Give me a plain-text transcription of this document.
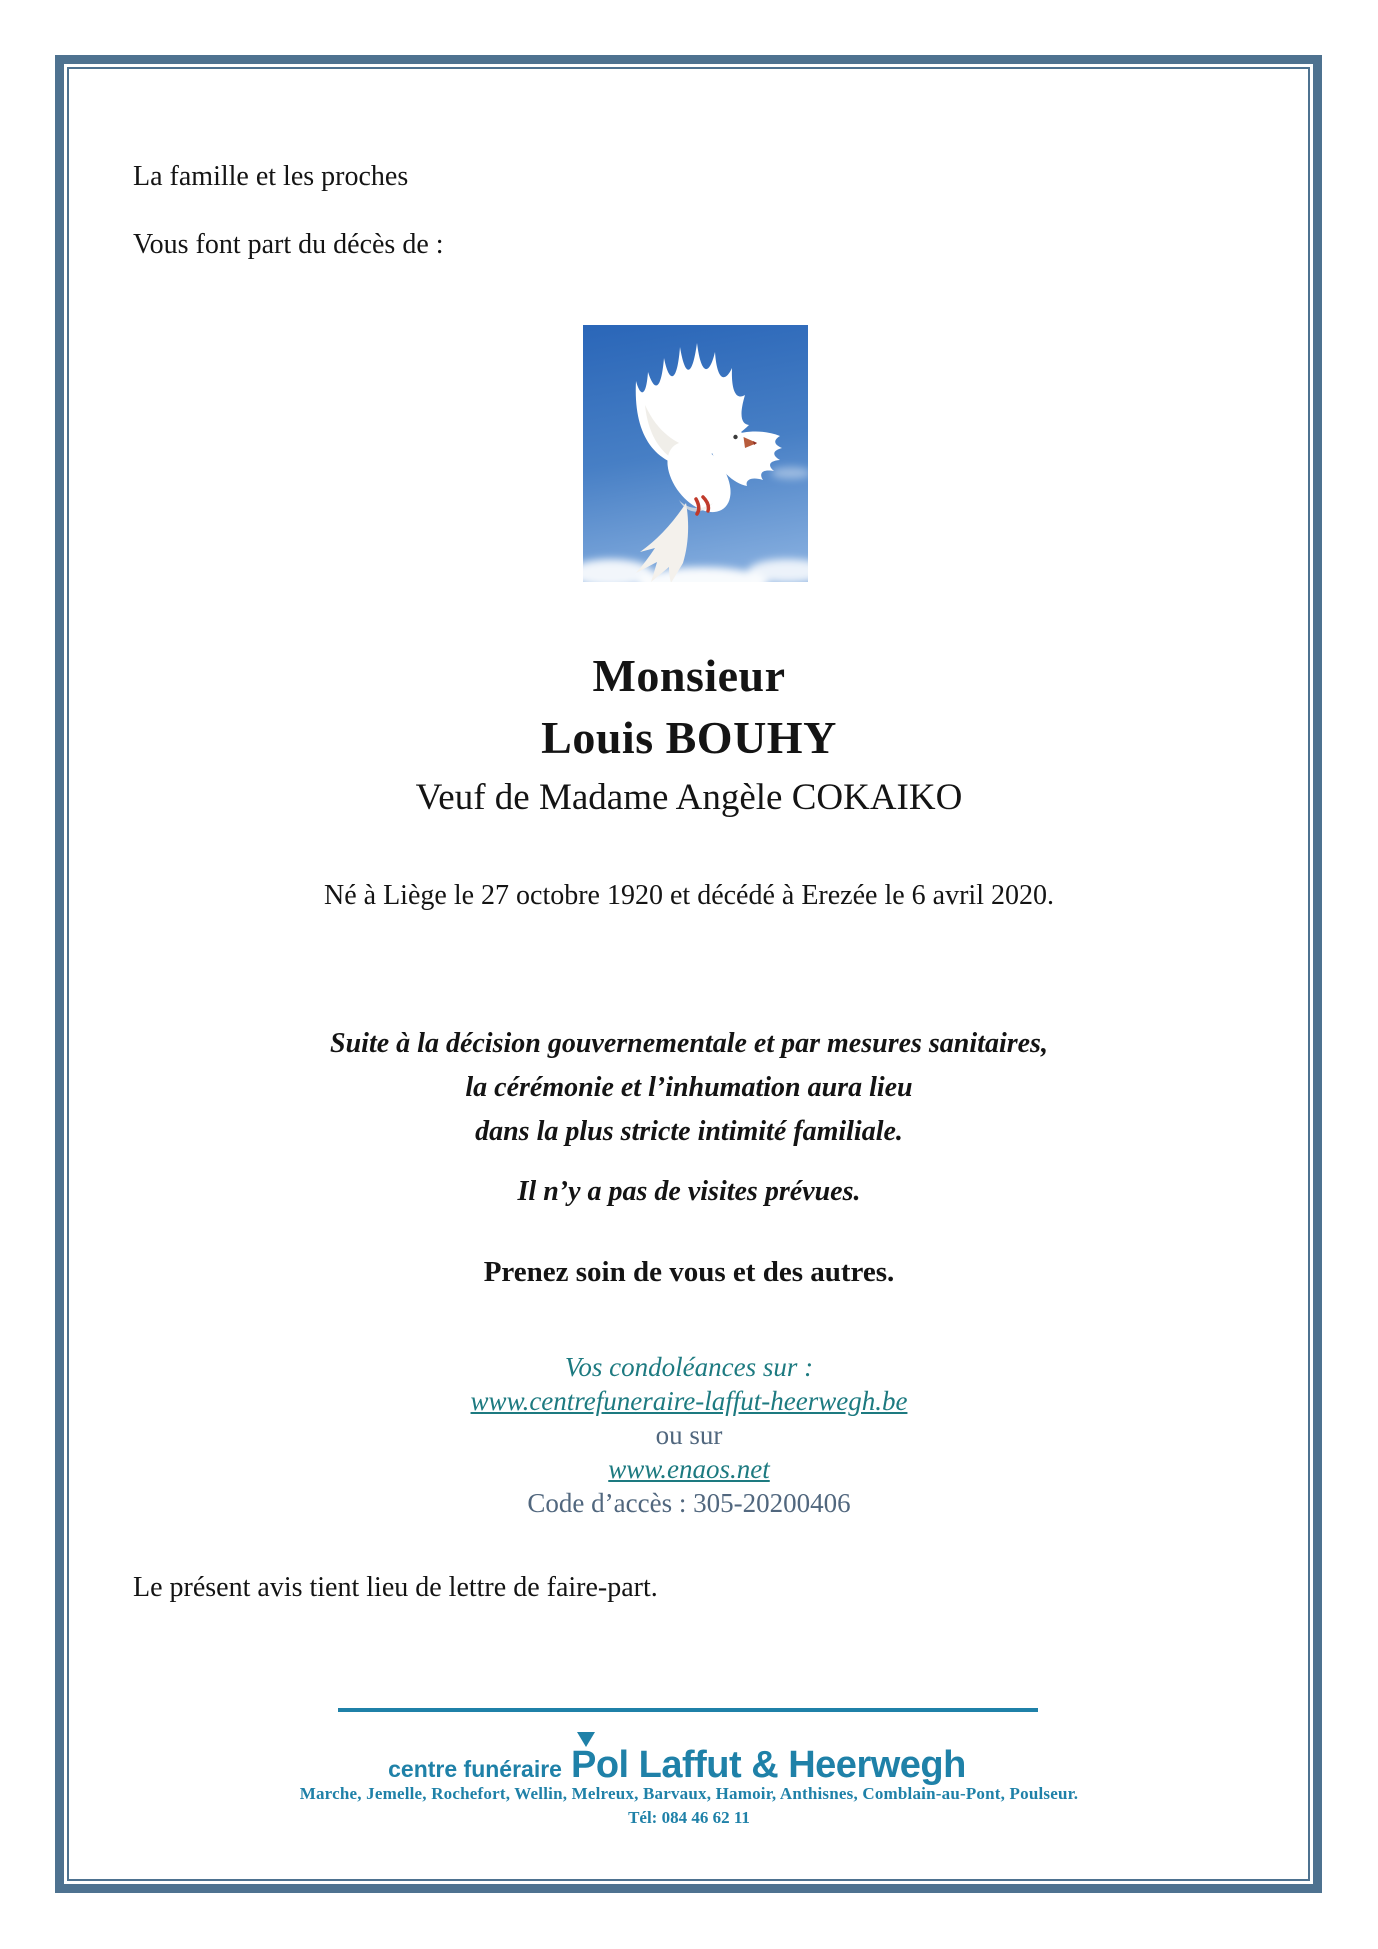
La famille et les proches

Vous font part du décès de :

Monsieur
Louis BOUHY
Veuf de Madame Angèle COKAIKO

Né à Liège le 27 octobre 1920 et décédé à Erezée le 6 avril 2020.

Suite à la décision gouvernementale et par mesures sanitaires,
la cérémonie et l’inhumation aura lieu
dans la plus stricte intimité familiale.

Il n’y a pas de visites prévues.

Prenez soin de vous et des autres.

Vos condoléances sur :
www.centrefuneraire-laffut-heerwegh.be
ou sur
www.enaos.net
Code d’accès : 305-20200406

Le présent avis tient lieu de lettre de faire-part.

centre funéraire Pol Laffut & Heerwegh
Marche, Jemelle, Rochefort, Wellin, Melreux, Barvaux, Hamoir, Anthisnes, Comblain-au-Pont, Poulseur.
Tél: 084 46 62 11
